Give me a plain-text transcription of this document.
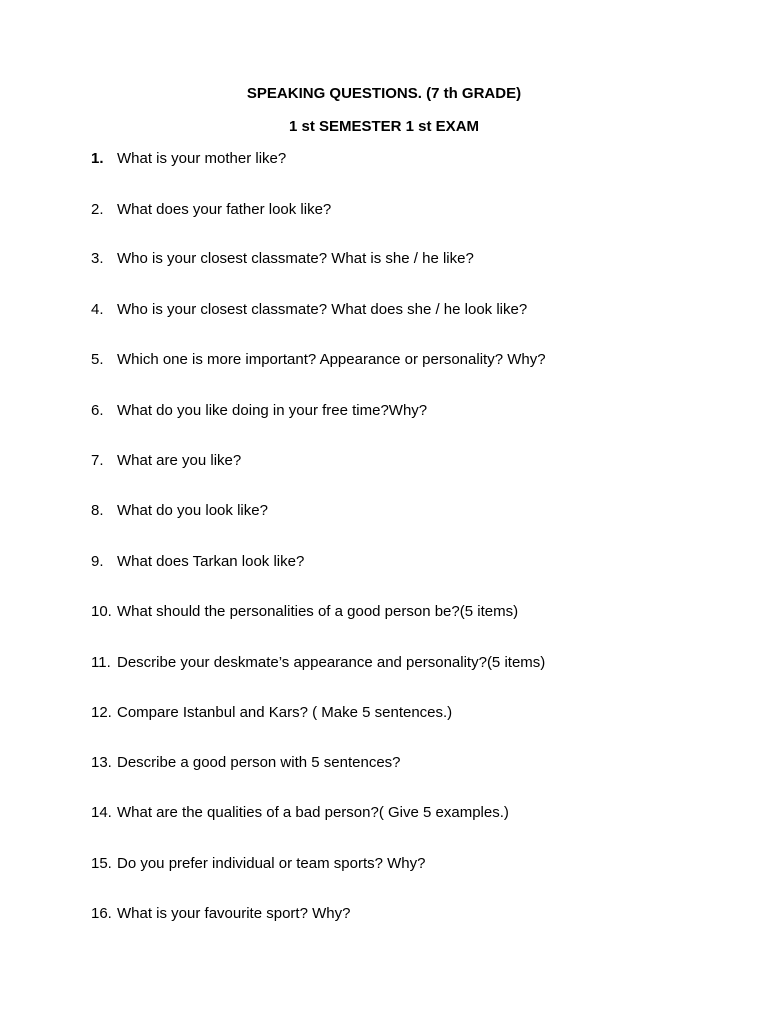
SPEAKING QUESTIONS. (7 th GRADE)
1 st SEMESTER 1 st EXAM
1. What is your mother like?
2. What does your father look like?
3. Who is your closest classmate? What is she / he like?
4. Who is your closest classmate? What does she / he look like?
5. Which one is more important? Appearance or personality? Why?
6. What do you like doing in your free time?Why?
7. What are you like?
8. What do you look like?
9. What does Tarkan look like?
10. What should the personalities of a good person be?(5 items)
11. Describe your deskmate’s appearance and personality?(5 items)
12. Compare Istanbul and Kars? ( Make 5 sentences.)
13. Describe a good person with 5 sentences?
14. What are the qualities of a bad person?( Give 5 examples.)
15. Do you prefer individual or team sports? Why?
16. What is your favourite sport? Why?
